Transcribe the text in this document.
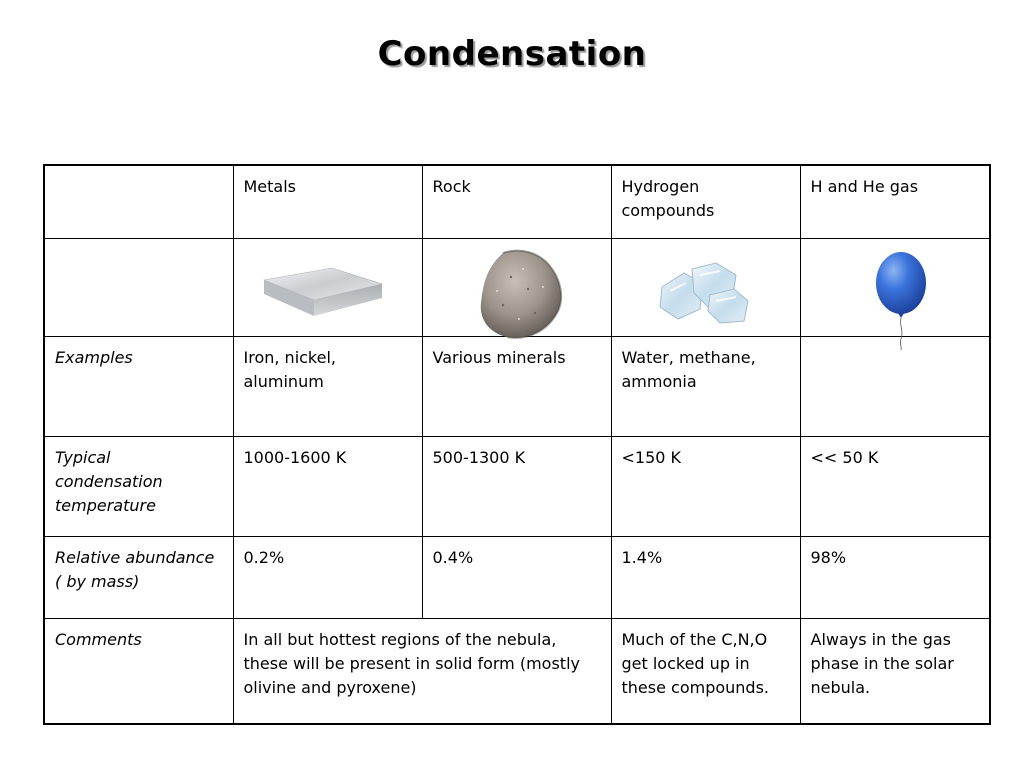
Condensation
	Metals	Rock	Hydrogen compounds	H and He gas

Examples	Iron, nickel, aluminum	Various minerals	Water, methane, ammonia	
Typical condensation temperature	1000-1600 K	500-1300 K	<150 K	<< 50 K
Relative abundance ( by mass)	0.2%	0.4%	1.4%	98%
Comments	In all but hottest regions of the nebula, these will be present in solid form (mostly olivine and pyroxene)		Much of the C,N,O get locked up in these compounds.	Always in the gas phase in the solar nebula.
